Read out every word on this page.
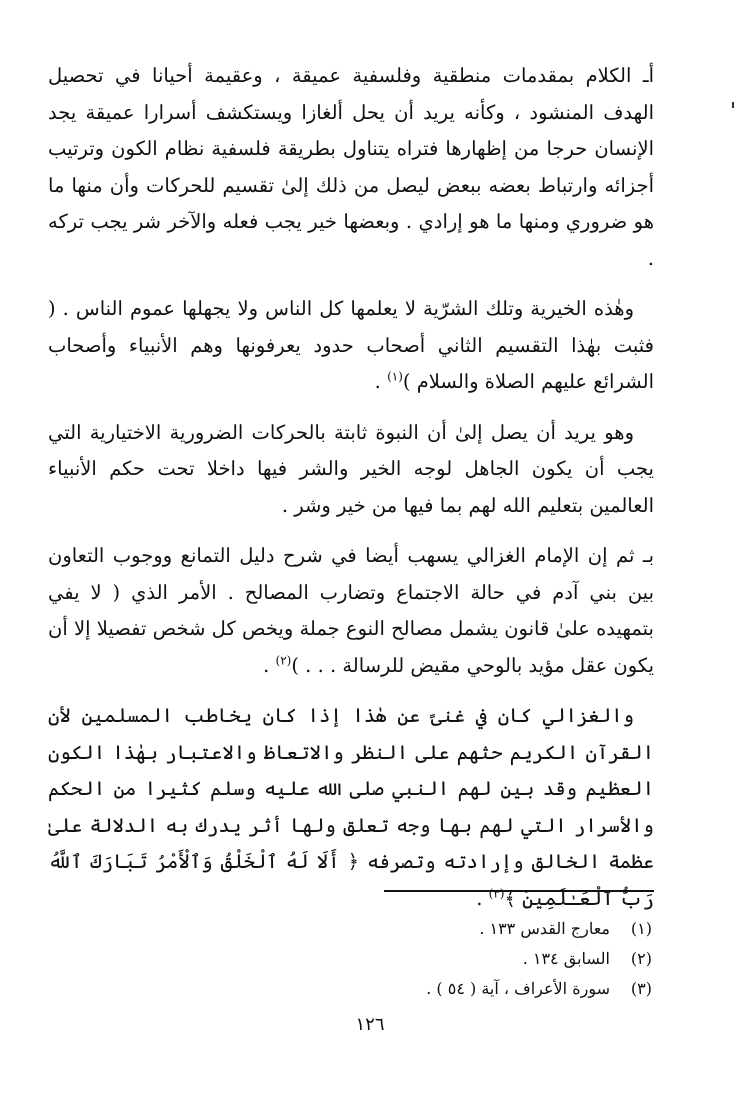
أـ الكلام بمقدمات منطقية وفلسفية عميقة ، وعقيمة أحيانا في تحصيل الهدف المنشود ، وكأنه يريد أن يحل ألغازا ويستكشف أسرارا عميقة يجد الإنسان حرجا من إظهارها فتراه يتناول بطريقة فلسفية نظام الكون وترتيب أجزائه وارتباط بعضه ببعض ليصل من ذلك إلىٰ تقسيم للحركات وأن منها ما هو ضروري ومنها ما هو إرادي . وبعضها خير يجب فعله والآخر شر يجب تركه .

وهٰذه الخيرية وتلك الشرّية لا يعلمها كل الناس ولا يجهلها عموم الناس . ( فثبت بهٰذا التقسيم الثاني أصحاب حدود يعرفونها وهم الأنبياء وأصحاب الشرائع عليهم الصلاة والسلام )$^{(١)}$ .

وهو يريد أن يصل إلىٰ أن النبوة ثابتة بالحركات الضرورية الاختيارية التي يجب أن يكون الجاهل لوجه الخير والشر فيها داخلا تحت حكم الأنبياء العالمين بتعليم الله لهم بما فيها من خير وشر .

بـ ثم إن الإمام الغزالي يسهب أيضا في شرح دليل التمانع ووجوب التعاون بين بني آدم في حالة الاجتماع وتضارب المصالح . الأمر الذي ( لا يفي بتمهيده علىٰ قانون يشمل مصالح النوع جملة ويخص كل شخص تفصيلا إلا أن يكون عقل مؤيد بالوحي مقيض للرسالة . . . )$^{(٢)}$ .

والغزالي كان في غنىً عن هٰذا إذا كان يخاطب المسلمين لأن القرآن الكريم حثهم على النظر والاتعاظ والاعتبار بهٰذا الكون العظيم وقد بين لهم النبي صلى الله عليه وسلم كثيرا من الحكم والأسرار التي لهم بها وجه تعلق ولها أثر يدرك به الدلالة علىٰ عظمة الخالق وإرادته وتصرفه ﴿ أَلَا لَهُ ٱلْخَلْقُ وَٱلْأَمْرُ تَبَارَكَ ٱللَّهُ رَبُّ ٱلْعَـٰلَمِينَ ﴾$^{(٣)}$ .

(١)
معارج القدس ١٣٣ .
(٢)
السابق ١٣٤ .
(٣)
سورة الأعراف ، آية ( ٥٤ ) .
١٢٦
